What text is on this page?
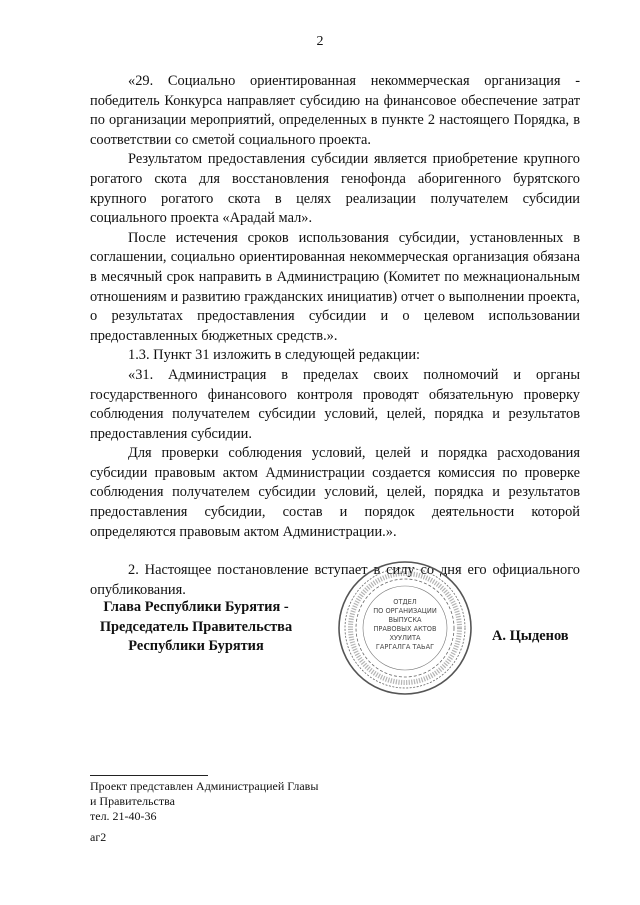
2

«29. Социально ориентированная некоммерческая организация - победитель Конкурса направляет субсидию на финансовое обеспечение затрат по организации мероприятий, определенных в пункте 2 настоящего Порядка, в соответствии со сметой социального проекта.

Результатом предоставления субсидии является приобретение крупного рогатого скота для восстановления генофонда аборигенного бурятского крупного рогатого скота в целях реализации получателем субсидии социального проекта «Арадай мал».

После истечения сроков использования субсидии, установленных в соглашении, социально ориентированная некоммерческая организация обязана в месячный срок направить в Администрацию (Комитет по межнациональным отношениям и развитию гражданских инициатив) отчет о выполнении проекта, о результатах предоставления субсидии и о целевом использовании предоставленных бюджетных средств.».

1.3. Пункт 31 изложить в следующей редакции:

«31. Администрация в пределах своих полномочий и органы государственного финансового контроля проводят обязательную проверку соблюдения получателем субсидии условий, целей, порядка и результатов предоставления субсидии.

Для проверки соблюдения условий, целей и порядка расходования субсидии правовым актом Администрации создается комиссия по проверке соблюдения получателем субсидии условий, целей, порядка и результатов предоставления субсидии, состав и порядок деятельности которой определяются правовым актом Администрации.».

2. Настоящее постановление вступает в силу со дня его официального опубликования.

Глава Республики Бурятия -
Председатель Правительства
Республики Бурятия
ОТДЕЛ
ПО ОРГАНИЗАЦИИ
ВЫПУСКА
ПРАВОВЫХ АКТОВ
ХУУЛИТА
ГАРГАЛГА ТАЬАГ
А. Цыденов
Проект представлен Администрацией Главы
и Правительства
тел. 21-40-36
аг2
